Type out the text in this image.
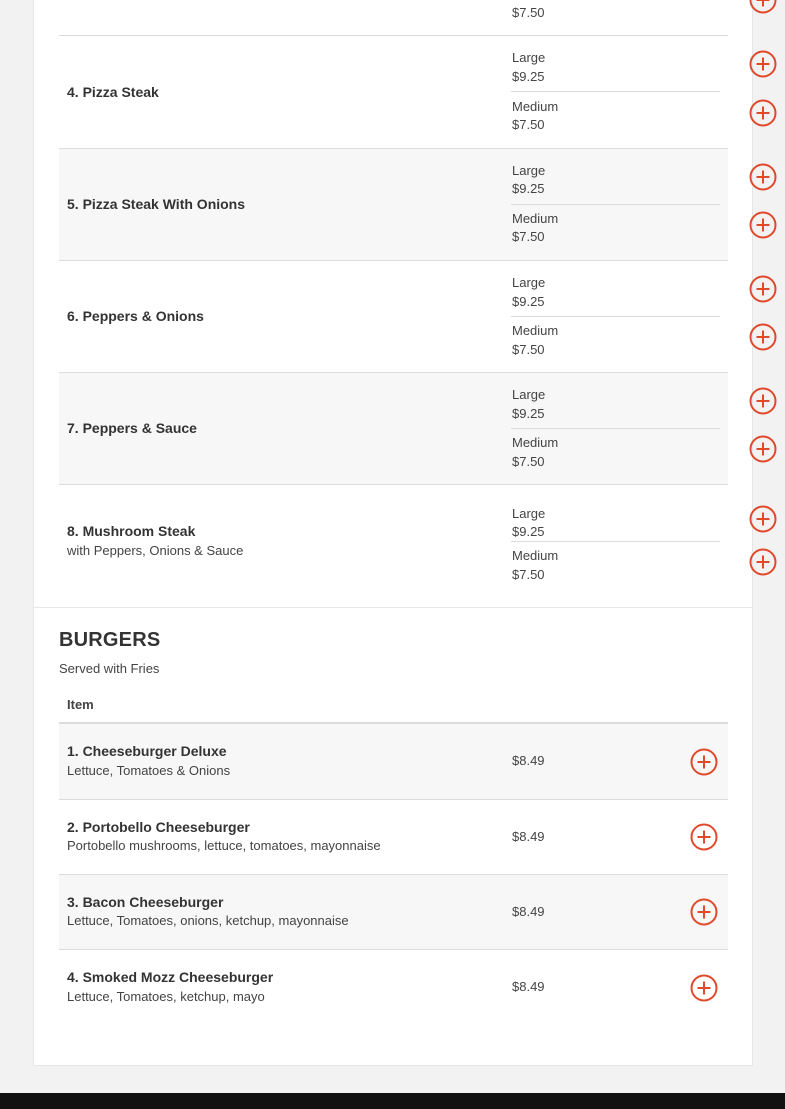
$7.50
4. Pizza Steak
Large
$9.25
Medium
$7.50
5. Pizza Steak With Onions
Large
$9.25
Medium
$7.50
6. Peppers & Onions
Large
$9.25
Medium
$7.50
7. Peppers & Sauce
Large
$9.25
Medium
$7.50
8. Mushroom Steak
with Peppers, Onions & Sauce
Large
$9.25
Medium
$7.50
BURGERS

Served with Fries

Item
1. Cheeseburger Deluxe
Lettuce, Tomatoes & Onions
$8.49
2. Portobello Cheeseburger
Portobello mushrooms, lettuce, tomatoes, mayonnaise
$8.49
3. Bacon Cheeseburger
Lettuce, Tomatoes, onions, ketchup, mayonnaise
$8.49
4. Smoked Mozz Cheeseburger
Lettuce, Tomatoes, ketchup, mayo
$8.49
